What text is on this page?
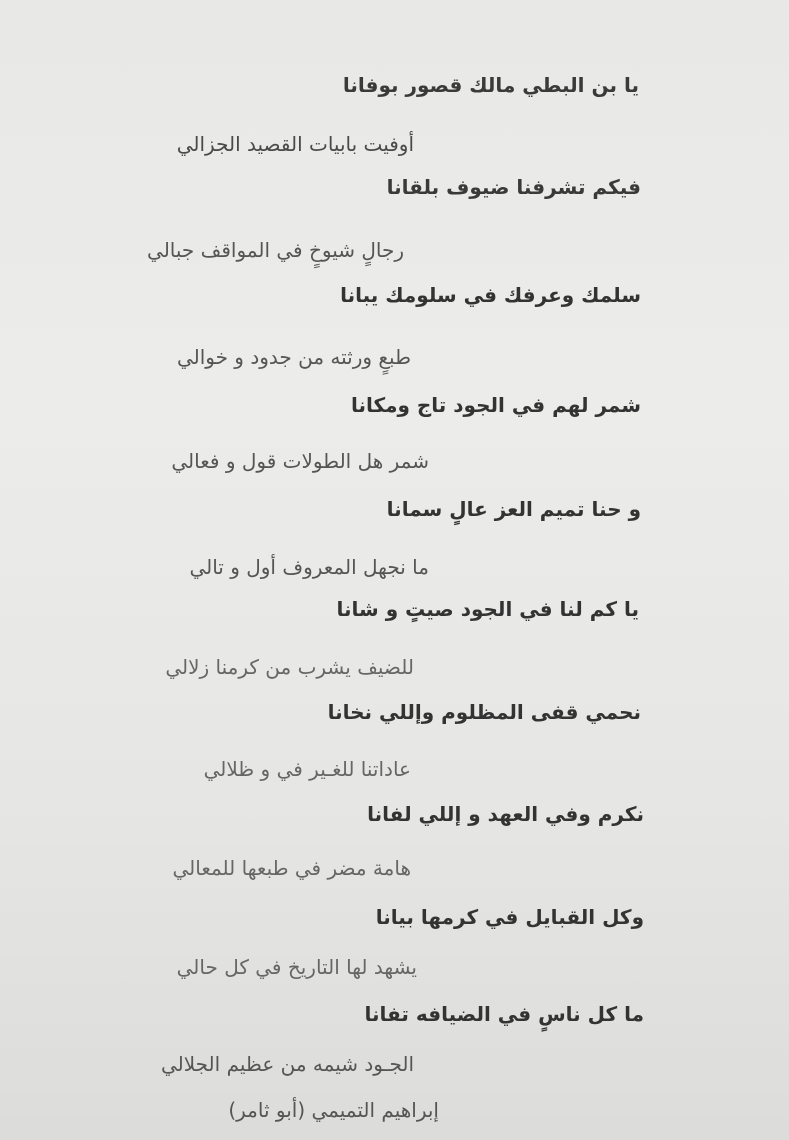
يا بن البطي مالك قصور بوفانا
أوفيت بابيات القصيد الجزالي
فيكم تشرفنا ضيوف بلقانا
رجالٍ شيوخٍ في المواقف جبالي
سلمك وعرفك في سلومك يبانا
طبعٍ ورثته من جدود و خوالي
شمر لهم في الجود تاج ومكانا
شمر هل الطولات قول و فعالي
و حنا تميم العز عالٍ سمانا
ما نجهل المعروف أول و تالي
يا كم لنا في الجود صيتٍ و شانا
للضيف يشرب من كرمنا زلالي
نحمي قفى المظلوم وإللي نخانا
عاداتنا للغـير في و ظلالي
نكرم وفي العهد و إللي لفانا
هامة مضر في طبعها للمعالي
وكل القبايل في كرمها بيانا
يشهد لها التاريخ في كل حالي
ما كل ناسٍ في الضيافه تفانا
الجـود شيمه من عظيم الجلالي
إبراهيم التميمي (أبو ثامر)
